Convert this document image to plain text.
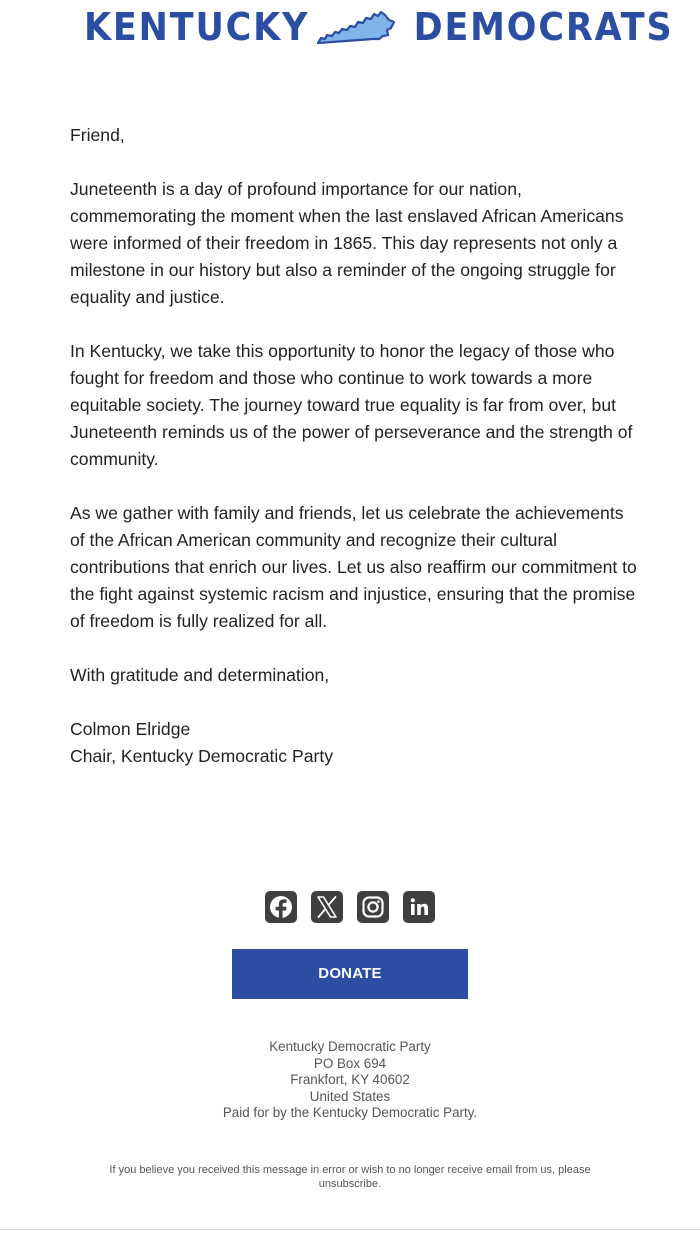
KENTUCKY	DEMOCRATS

Friend,

Juneteenth is a day of profound importance for our nation, commemorating the moment when the last enslaved African Americans were informed of their freedom in 1865. This day represents not only a milestone in our history but also a reminder of the ongoing struggle for equality and justice.

In Kentucky, we take this opportunity to honor the legacy of those who fought for freedom and those who continue to work towards a more equitable society. The journey toward true equality is far from over, but Juneteenth reminds us of the power of perseverance and the strength of community.

As we gather with family and friends, let us celebrate the achievements of the African American community and recognize their cultural contributions that enrich our lives. Let us also reaffirm our commitment to the fight against systemic racism and injustice, ensuring that the promise of freedom is fully realized for all.

With gratitude and determination,

Colmon Elridge

Chair, Kentucky Democratic Party

DONATE
Kentucky Democratic Party
PO Box 694
Frankfort, KY 40602
United States
Paid for by the Kentucky Democratic Party.
If you believe you received this message in error or wish to no longer receive email from us, please unsubscribe.
